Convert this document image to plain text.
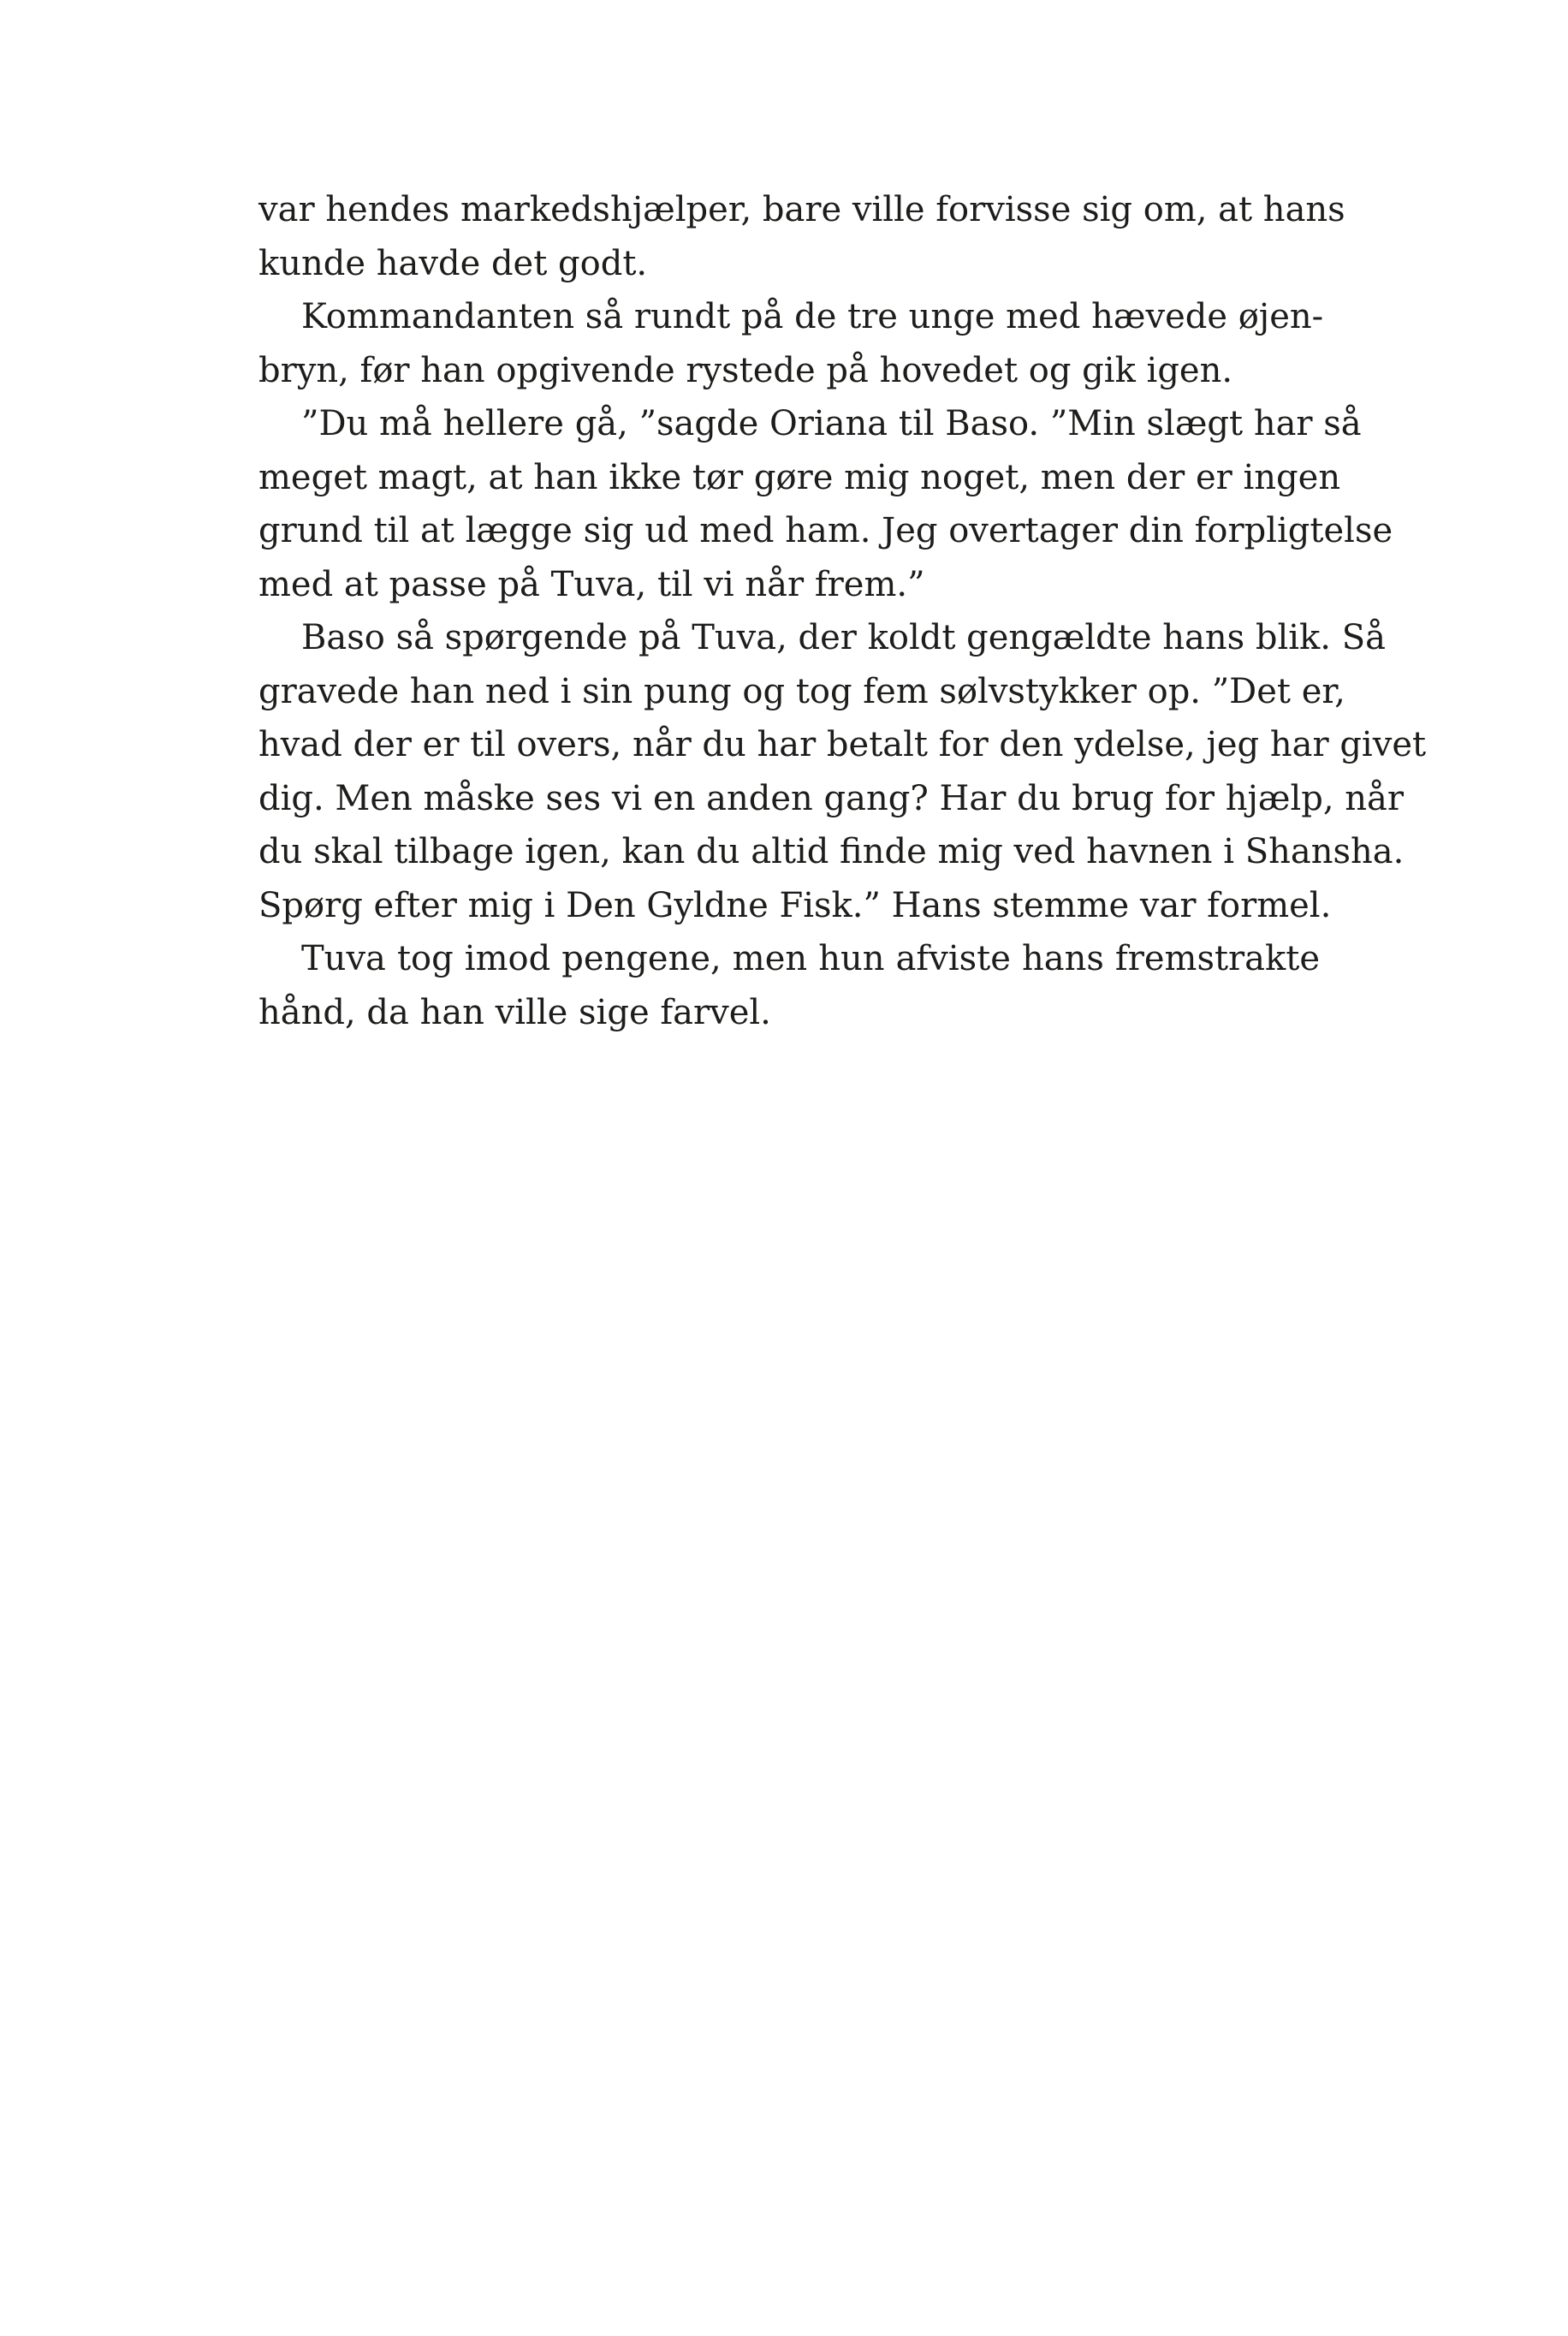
var hendes markedshjælper, bare ville forvisse sig om, at hans
kunde havde det godt.
Kommandanten så rundt på de tre unge med hævede øjen-
bryn, før han opgivende rystede på hovedet og gik igen.
”Du må hellere gå, ”sagde Oriana til Baso. ”Min slægt har så
meget magt, at han ikke tør gøre mig noget, men der er ingen
grund til at lægge sig ud med ham. Jeg overtager din forpligtelse
med at passe på Tuva, til vi når frem.”
Baso så spørgende på Tuva, der koldt gengældte hans blik. Så
gravede han ned i sin pung og tog fem sølvstykker op. ”Det er,
hvad der er til overs, når du har betalt for den ydelse, jeg har givet
dig. Men måske ses vi en anden gang? Har du brug for hjælp, når
du skal tilbage igen, kan du altid finde mig ved havnen i Shansha.
Spørg efter mig i Den Gyldne Fisk.” Hans stemme var formel.
Tuva tog imod pengene, men hun afviste hans fremstrakte
hånd, da han ville sige farvel.
